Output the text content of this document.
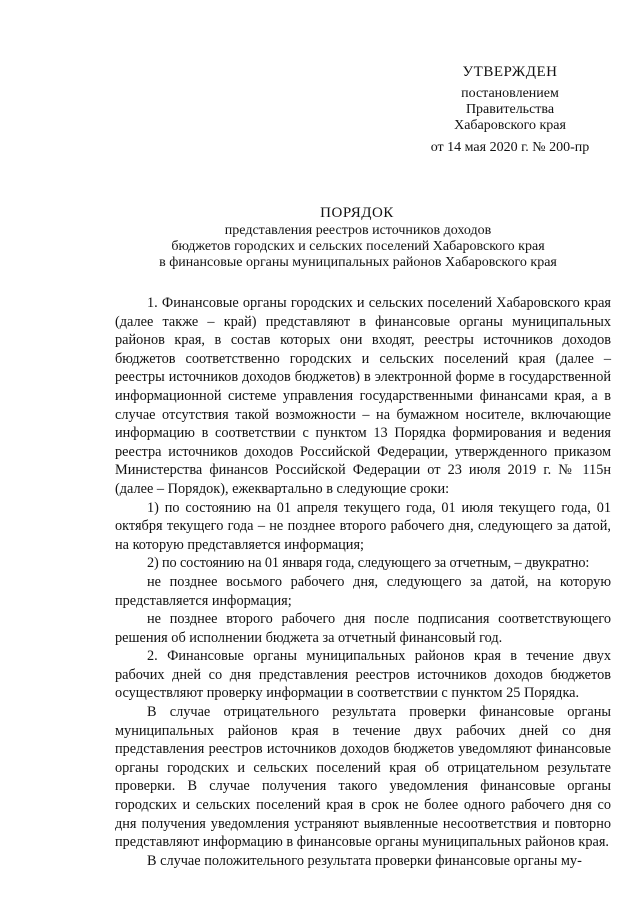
УТВЕРЖДЕН
постановлением
Правительства
Хабаровского края
от 14 мая 2020 г. № 200-пр
ПОРЯДОК
представления реестров источников доходов
бюджетов городских и сельских поселений Хабаровского края
в финансовые органы муниципальных районов Хабаровского края

1. Финансовые органы городских и сельских поселений Хабаровского края (далее также – край) представляют в финансовые органы муниципальных районов края, в состав которых они входят, реестры источников доходов бюджетов соответственно городских и сельских поселений края (далее – реестры источников доходов бюджетов) в электронной форме в государственной информационной системе управления государственными финансами края, а в случае отсутствия такой возможности – на бумажном носителе, включающие информацию в соответствии с пунктом 13 Порядка формирования и ведения реестра источников доходов Российской Федерации, утвержденного приказом Министерства финансов Российской Федерации от 23 июля 2019 г. № 115н (далее – Порядок), ежеквартально в следующие сроки:

1) по состоянию на 01 апреля текущего года, 01 июля текущего года, 01 октября текущего года – не позднее второго рабочего дня, следующего за датой, на которую представляется информация;

2) по состоянию на 01 января года, следующего за отчетным, – двукратно:

не позднее восьмого рабочего дня, следующего за датой, на которую представляется информация;

не позднее второго рабочего дня после подписания соответствующего решения об исполнении бюджета за отчетный финансовый год.

2. Финансовые органы муниципальных районов края в течение двух рабочих дней со дня представления реестров источников доходов бюджетов осуществляют проверку информации в соответствии с пунктом 25 Порядка.

В случае отрицательного результата проверки финансовые органы муниципальных районов края в течение двух рабочих дней со дня представления реестров источников доходов бюджетов уведомляют финансовые органы городских и сельских поселений края об отрицательном результате проверки. В случае получения такого уведомления финансовые органы городских и сельских поселений края в срок не более одного рабочего дня со дня получения уведомления устраняют выявленные несоответствия и повторно представляют информацию в финансовые органы муниципальных районов края.

В случае положительного результата проверки финансовые органы му-
